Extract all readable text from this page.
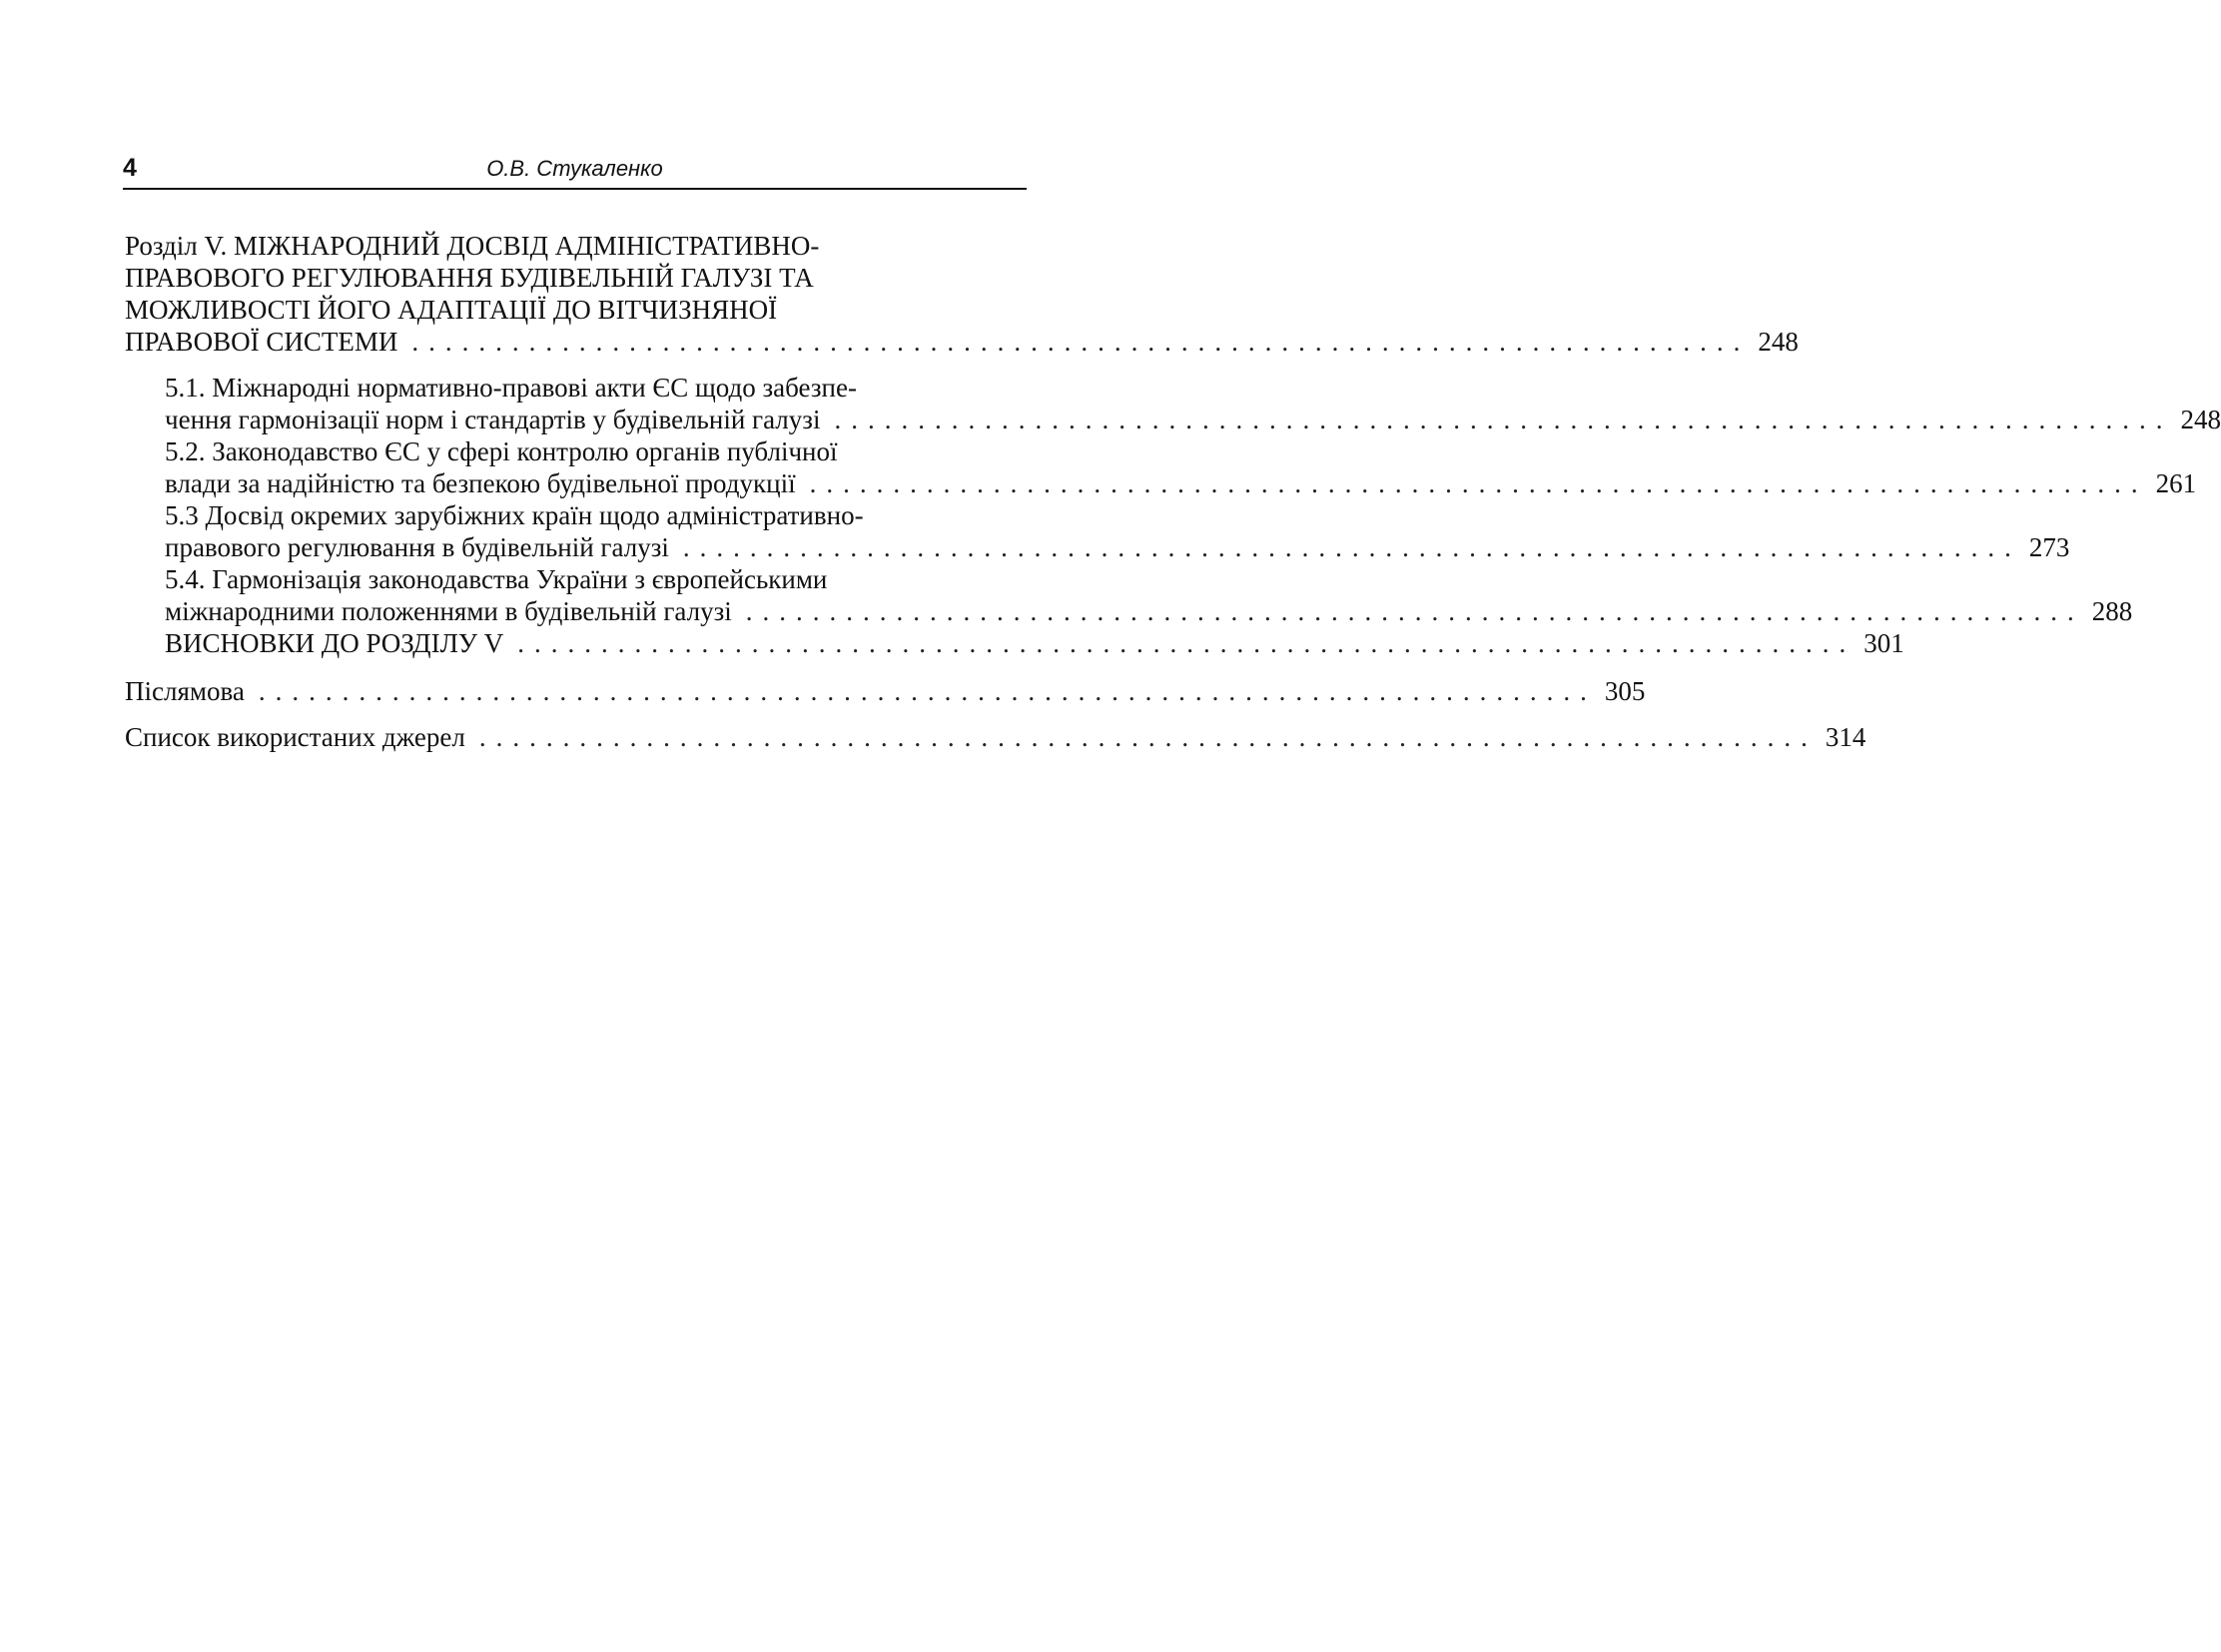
4	О.В. Стукаленко
Розділ V. МІЖНАРОДНИЙ ДОСВІД АДМІНІСТРАТИВНО-
ПРАВОВОГО РЕГУЛЮВАННЯ БУДІВЕЛЬНІЙ ГАЛУЗІ ТА
МОЖЛИВОСТІ ЙОГО АДАПТАЦІЇ ДО ВІТЧИЗНЯНОЇ
ПРАВОВОЇ СИСТЕМИ ................................................................................ 248
5.1. Міжнародні нормативно-правові акти ЄС щодо забезпе-
чення гармонізації норм і стандартів у будівельній галузі ................................................................................ 248
5.2. Законодавство ЄС у сфері контролю органів публічної
влади за надійністю та безпекою будівельної продукції ................................................................................ 261
5.3 Досвід окремих зарубіжних країн щодо адміністративно-
правового регулювання в будівельній галузі ................................................................................ 273
5.4. Гармонізація законодавства України з європейськими
міжнародними положеннями в будівельній галузі ................................................................................ 288
ВИСНОВКИ ДО РОЗДІЛУ V ................................................................................ 301
Післямова ................................................................................ 305
Список використаних джерел ................................................................................ 314
